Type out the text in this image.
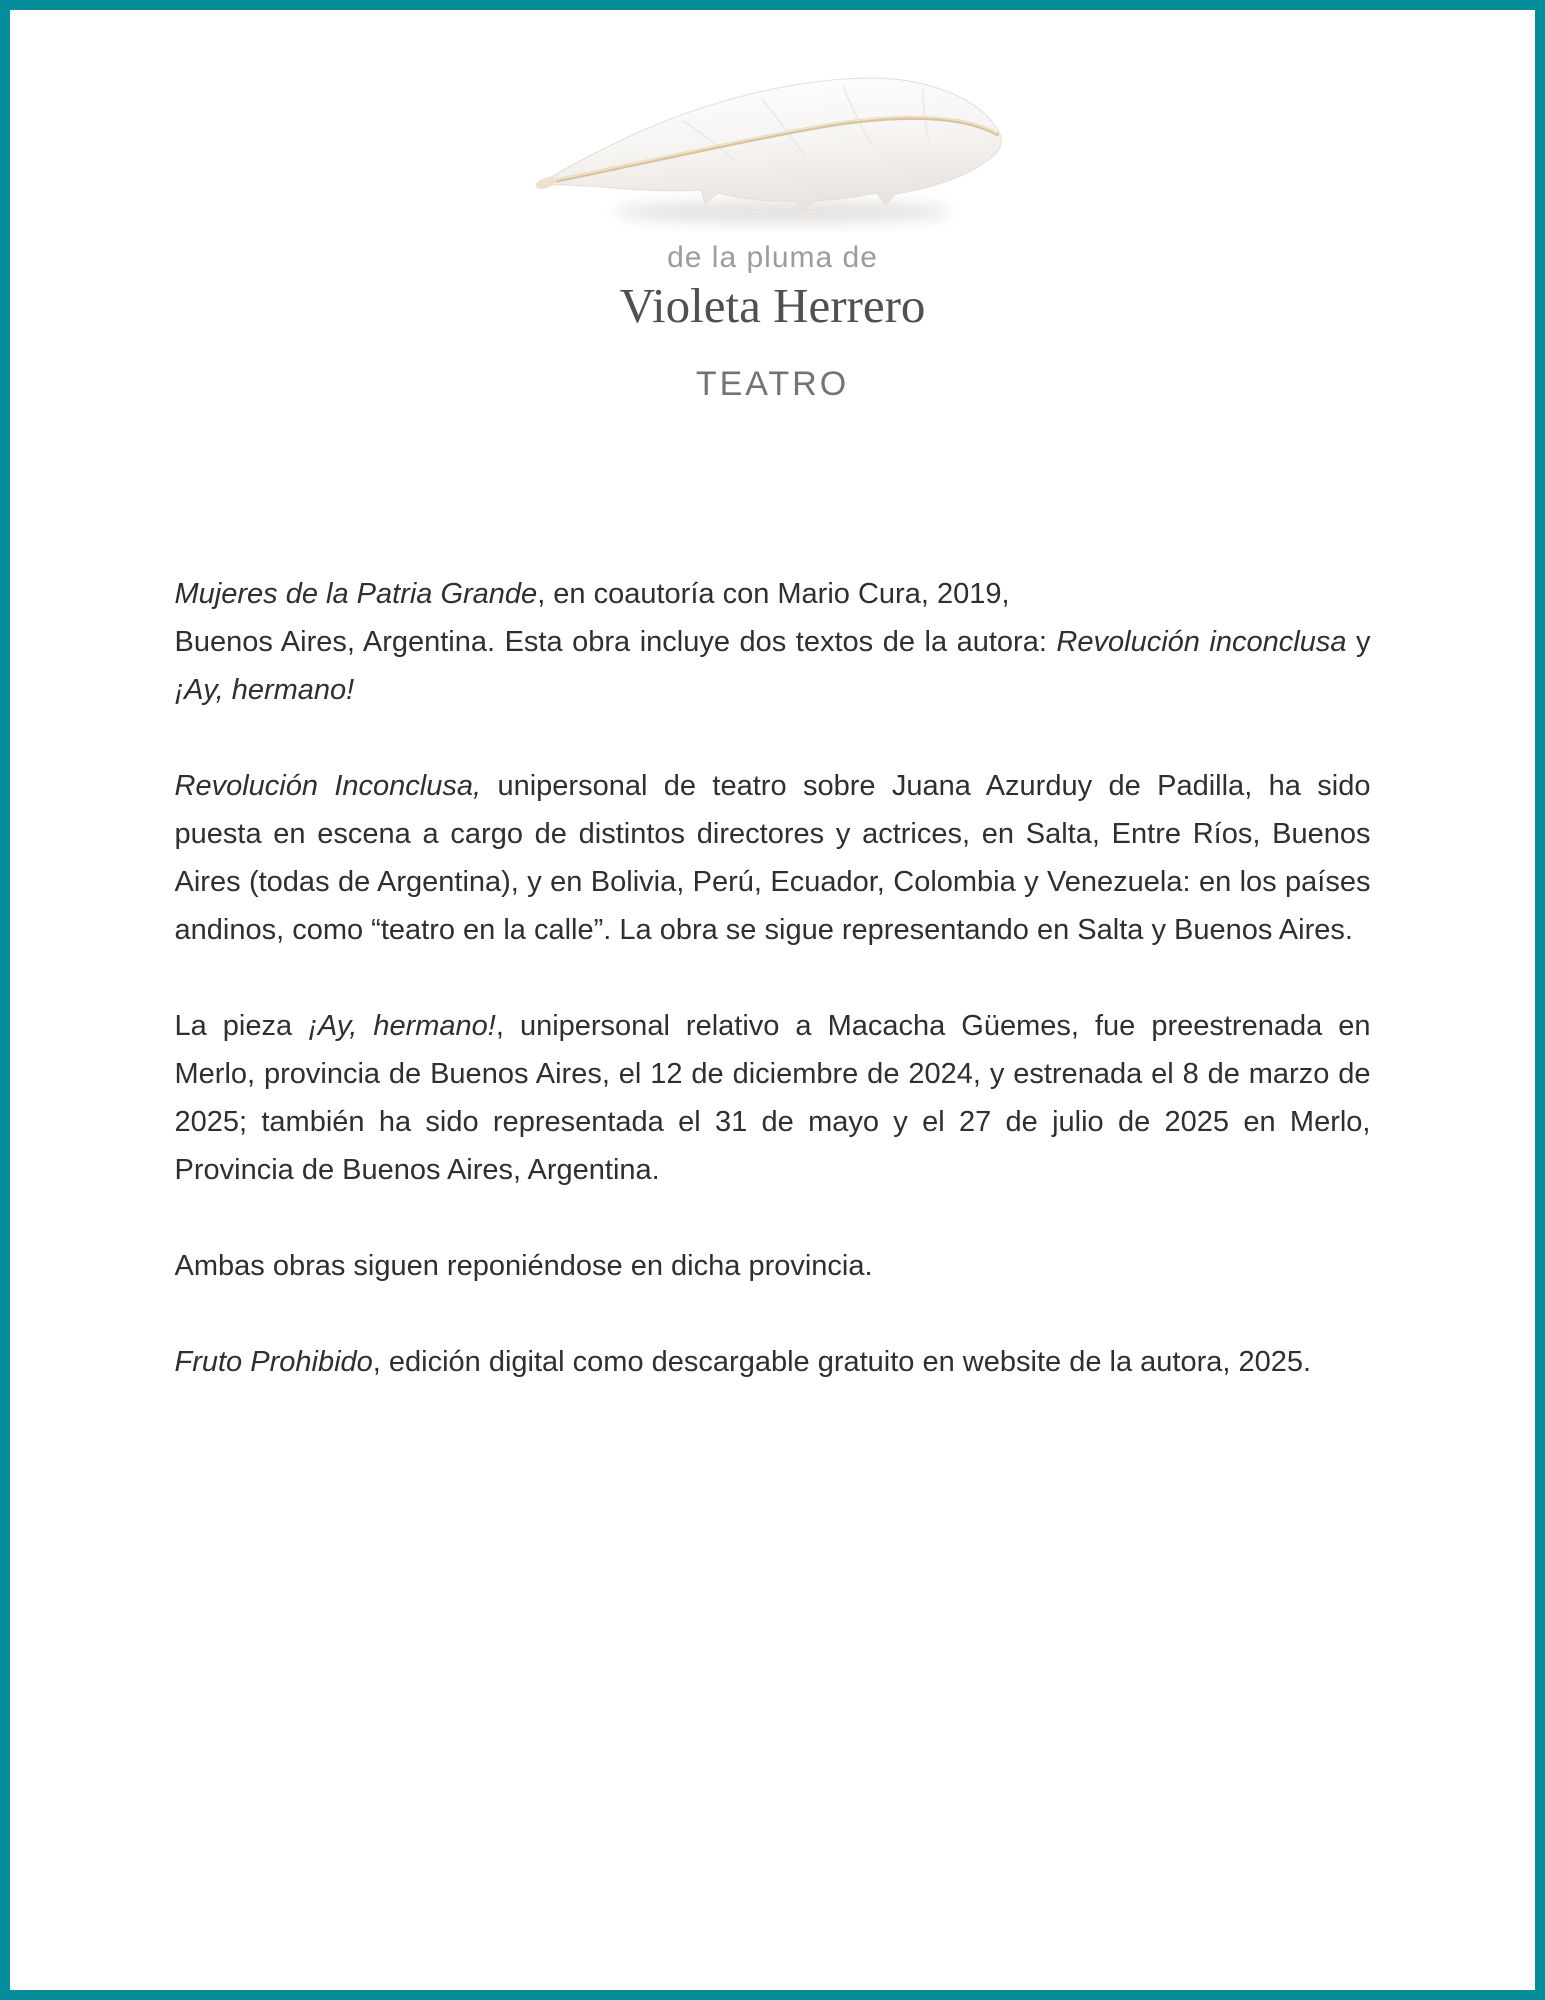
de la pluma de
Violeta Herrero
TEATRO

Mujeres de la Patria Grande, en coautoría con Mario Cura, 2019,
Buenos Aires, Argentina. Esta obra incluye dos textos de la autora: Revolución inconclusa y ¡Ay, hermano!

Revolución Inconclusa, unipersonal de teatro sobre Juana Azurduy de Padilla, ha sido puesta en escena a cargo de distintos directores y actrices, en Salta, Entre Ríos, Buenos Aires (todas de Argentina), y en Bolivia, Perú, Ecuador, Colombia y Venezuela: en los países andinos, como “teatro en la calle”. La obra se sigue representando en Salta y Buenos Aires.

La pieza ¡Ay, hermano!, unipersonal relativo a Macacha Güemes, fue preestrenada en Merlo, provincia de Buenos Aires, el 12 de diciembre de 2024, y estrenada el 8 de marzo de 2025; también ha sido representada el 31 de mayo y el 27 de julio de 2025 en Merlo, Provincia de Buenos Aires, Argentina.

Ambas obras siguen reponiéndose en dicha provincia.

Fruto Prohibido, edición digital como descargable gratuito en website de la autora, 2025.
